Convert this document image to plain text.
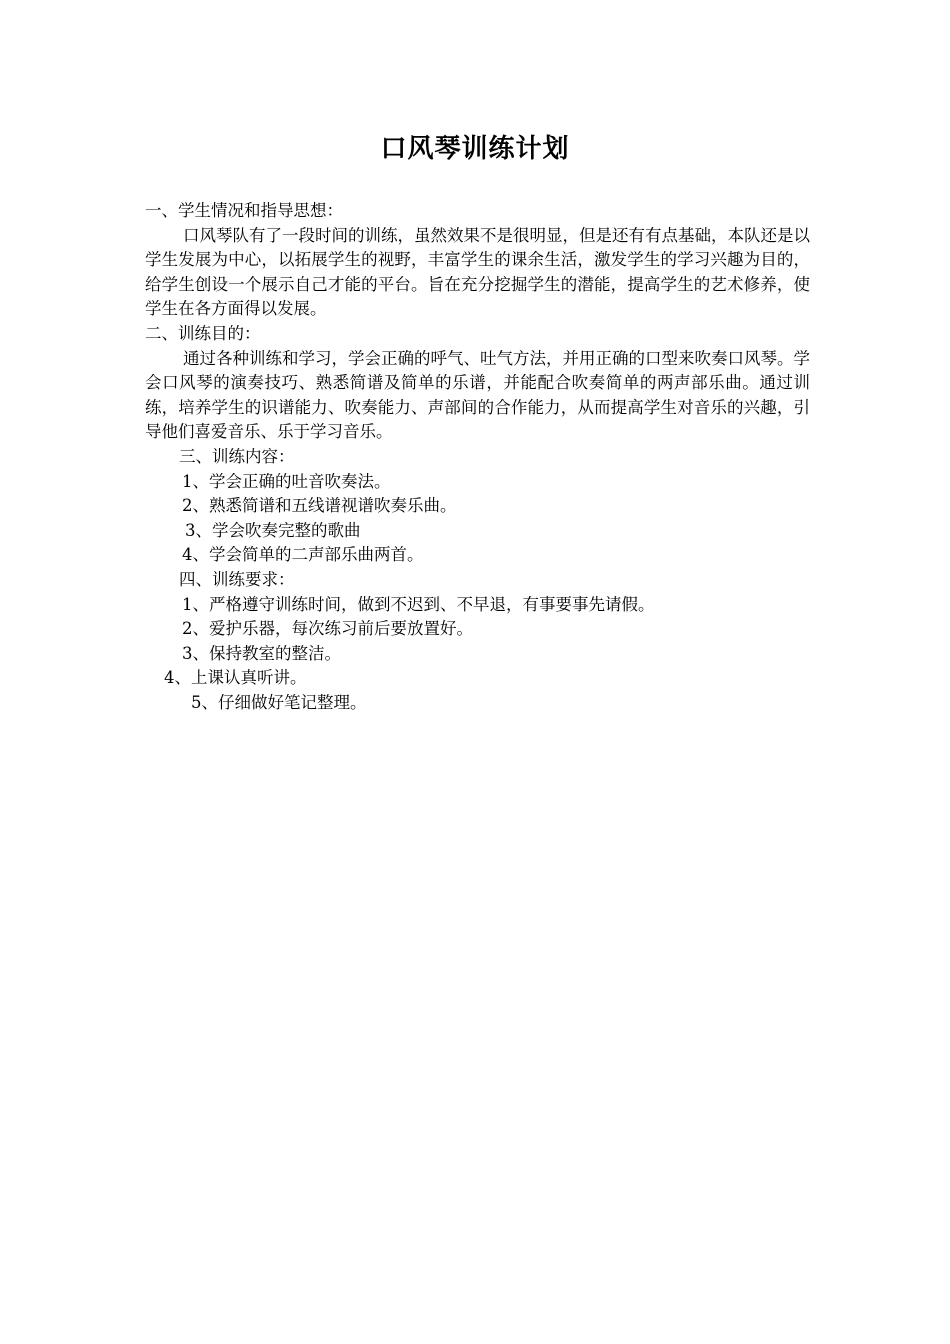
口风琴训练计划

一、学生情况和指导思想：

口风琴队有了一段时间的训练，虽然效果不是很明显，但是还有有点基础，本队还是以学生发展为中心，以拓展学生的视野，丰富学生的课余生活，激发学生的学习兴趣为目的，给学生创设一个展示自己才能的平台。旨在充分挖掘学生的潜能，提高学生的艺术修养，使学生在各方面得以发展。

二、训练目的：

通过各种训练和学习，学会正确的呼气、吐气方法，并用正确的口型来吹奏口风琴。学会口风琴的演奏技巧、熟悉简谱及简单的乐谱，并能配合吹奏简单的两声部乐曲。通过训练，培养学生的识谱能力、吹奏能力、声部间的合作能力，从而提高学生对音乐的兴趣，引导他们喜爱音乐、乐于学习音乐。

三、训练内容：

1、学会正确的吐音吹奏法。

2、熟悉简谱和五线谱视谱吹奏乐曲。

3、学会吹奏完整的歌曲

4、学会简单的二声部乐曲两首。

四、训练要求：

1、严格遵守训练时间，做到不迟到、不早退，有事要事先请假。

2、爱护乐器，每次练习前后要放置好。

3、保持教室的整洁。

4、上课认真听讲。

5、仔细做好笔记整理。
